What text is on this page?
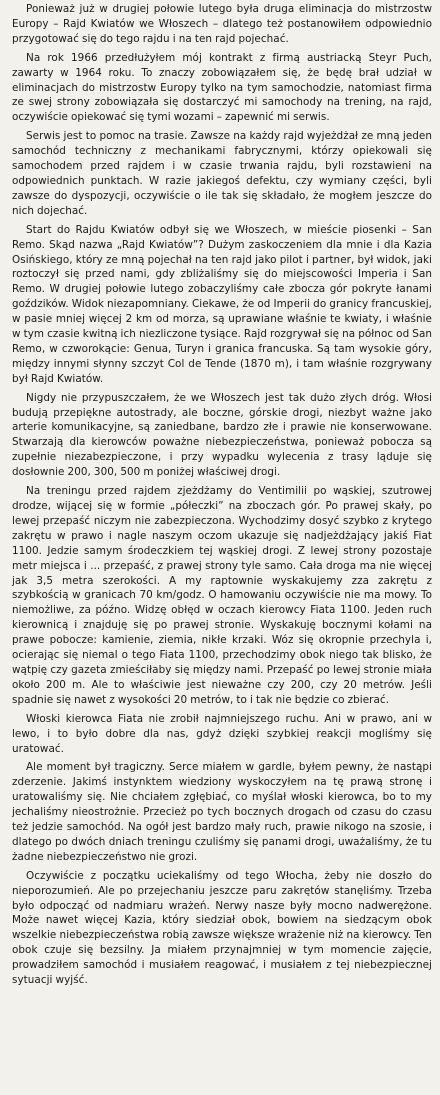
Ponieważ już w drugiej połowie lutego była druga eliminacja do mistrzostw Europy – Rajd Kwiatów we Włoszech – dlatego też postanowiłem odpowiednio przygotować się do tego rajdu i na ten rajd pojechać.

Na rok 1966 przedłużyłem mój kontrakt z firmą austriacką Steyr Puch, zawarty w 1964 roku. To znaczy zobowiązałem się, że będę brał udział w eliminacjach do mistrzostw Europy tylko na tym samochodzie, natomiast firma ze swej strony zobowiązała się dostarczyć mi samochody na trening, na rajd, oczywiście opiekować się tymi wozami – zapewnić mi serwis.

Serwis jest to pomoc na trasie. Zawsze na każdy rajd wyjeżdżał ze mną jeden samochód techniczny z mechanikami fabrycznymi, którzy opiekowali się samochodem przed rajdem i w czasie trwania rajdu, byli rozstawieni na odpowiednich punktach. W razie jakiegoś defektu, czy wymiany części, byli zawsze do dyspozycji, oczywiście o ile tak się składało, że mogłem jeszcze do nich dojechać.

Start do Rajdu Kwiatów odbył się we Włoszech, w mieście piosenki – San Remo. Skąd nazwa „Rajd Kwiatów”? Dużym zaskoczeniem dla mnie i dla Kazia Osińskiego, który ze mną pojechał na ten rajd jako pilot i partner, był widok, jaki roztoczył się przed nami, gdy zbliżaliśmy się do miejscowości Imperia i San Remo. W drugiej połowie lutego zobaczyliśmy całe zbocza gór pokryte łanami goździków. Widok niezapomniany. Ciekawe, że od Imperii do granicy francuskiej, w pasie mniej więcej 2 km od morza, są uprawiane właśnie te kwiaty, i właśnie w tym czasie kwitną ich niezliczone tysiące. Rajd rozgrywał się na północ od San Remo, w czworokącie: Genua, Turyn i granica francuska. Są tam wysokie góry, między innymi słynny szczyt Col de Tende (1870 m), i tam właśnie rozgrywany był Rajd Kwiatów.

Nigdy nie przypuszczałem, że we Włoszech jest tak dużo złych dróg. Włosi budują przepiękne autostrady, ale boczne, górskie drogi, niezbyt ważne jako arterie komunikacyjne, są zaniedbane, bardzo złe i prawie nie konserwowane. Stwarzają dla kierowców poważne niebezpieczeństwa, ponieważ pobocza są zupełnie niezabezpieczone, i przy wypadku wylecenia z trasy ląduje się dosłownie 200, 300, 500 m poniżej właściwej drogi.

Na treningu przed rajdem zjeżdżamy do Ventimilii po wąskiej, szutrowej drodze, wijącej się w formie „półeczki” na zboczach gór. Po prawej skały, po lewej przepaść niczym nie zabezpieczona. Wychodzimy dosyć szybko z krytego zakrętu w prawo i nagle naszym oczom ukazuje się nadjeżdżający jakiś Fiat 1100. Jedzie samym środeczkiem tej wąskiej drogi. Z lewej strony pozostaje metr miejsca i ... przepaść, z prawej strony tyle samo. Cała droga ma nie więcej jak 3,5 metra szerokości. A my raptownie wyskakujemy zza zakrętu z szybkością w granicach 70 km/godz. O hamowaniu oczywiście nie ma mowy. To niemożliwe, za późno. Widzę obłęd w oczach kierowcy Fiata 1100. Jeden ruch kierownicą i znajduję się po prawej stronie. Wyskakuję bocznymi kołami na prawe pobocze: kamienie, ziemia, nikłe krzaki. Wóz się okropnie przechyla i, ocierając się niemal o tego Fiata 1100, przechodzimy obok niego tak blisko, że wątpię czy gazeta zmieściłaby się między nami. Przepaść po lewej stronie miała około 200 m. Ale to właściwie jest nieważne czy 200, czy 20 metrów. Jeśli spadnie się nawet z wysokości 20 metrów, to i tak nie będzie co zbierać.

Włoski kierowca Fiata nie zrobił najmniejszego ruchu. Ani w prawo, ani w lewo, i to było dobre dla nas, gdyż dzięki szybkiej reakcji mogliśmy się uratować.

Ale moment był tragiczny. Serce miałem w gardle, byłem pewny, że nastąpi zderzenie. Jakimś instynktem wiedziony wyskoczyłem na tę prawą stronę i uratowaliśmy się. Nie chciałem zgłębiać, co myślał włoski kierowca, bo to my jechaliśmy nieostrożnie. Przecież po tych bocznych drogach od czasu do czasu też jedzie samochód. Na ogół jest bardzo mały ruch, prawie nikogo na szosie, i dlatego po dwóch dniach treningu czuliśmy się panami drogi, uważaliśmy, że tu żadne niebezpieczeństwo nie grozi.

Oczywiście z początku uciekaliśmy od tego Włocha, żeby nie doszło do nieporozumień. Ale po przejechaniu jeszcze paru zakrętów stanęliśmy. Trzeba było odpocząć od nadmiaru wrażeń. Nerwy nasze były mocno nadwerężone. Może nawet więcej Kazia, który siedział obok, bowiem na siedzącym obok wszelkie niebezpieczeństwa robią zawsze większe wrażenie niż na kierowcy. Ten obok czuje się bezsilny. Ja miałem przynajmniej w tym momencie zajęcie, prowadziłem samochód i musiałem reagować, i musiałem z tej niebezpiecznej sytuacji wyjść.
